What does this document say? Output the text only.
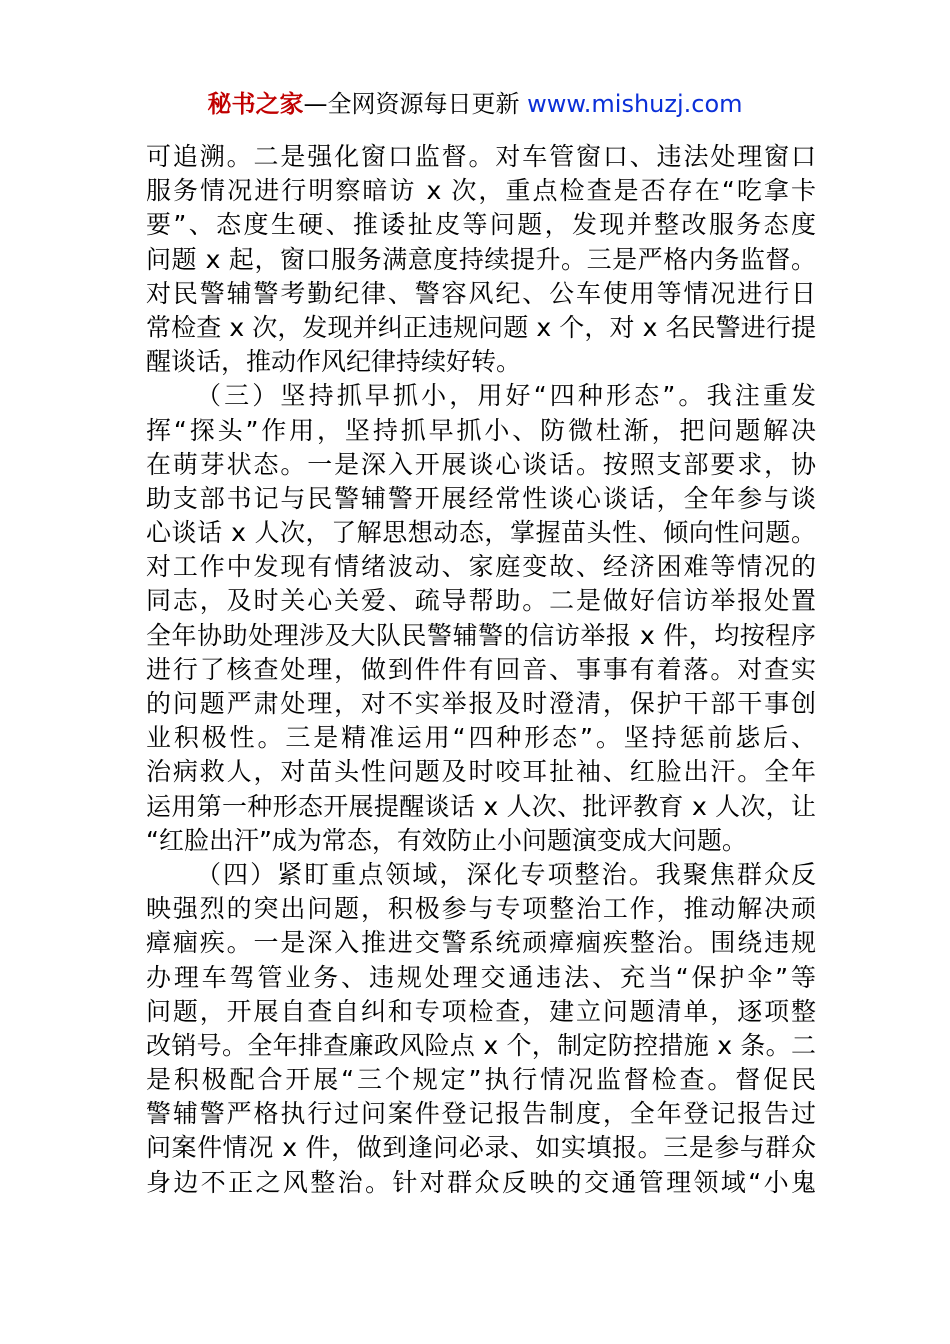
秘书之家—全网资源每日更新 www.mishuzj.com
可追溯。二是强化窗口监督。对车管窗口、违法处理窗口
服务情况进行明察暗访 x 次，重点检查是否存在“吃拿卡
要”、态度生硬、推诿扯皮等问题，发现并整改服务态度
问题 x 起，窗口服务满意度持续提升。三是严格内务监督。
对民警辅警考勤纪律、警容风纪、公车使用等情况进行日
常检查 x 次，发现并纠正违规问题 x 个，对 x 名民警进行提
醒谈话，推动作风纪律持续好转。
（三）坚持抓早抓小，用好“四种形态”。我注重发
挥“探头”作用，坚持抓早抓小、防微杜渐，把问题解决
在萌芽状态。一是深入开展谈心谈话。按照支部要求，协
助支部书记与民警辅警开展经常性谈心谈话，全年参与谈
心谈话 x 人次，了解思想动态，掌握苗头性、倾向性问题。
对工作中发现有情绪波动、家庭变故、经济困难等情况的
同志，及时关心关爱、疏导帮助。二是做好信访举报处置
全年协助处理涉及大队民警辅警的信访举报 x 件，均按程序
进行了核查处理，做到件件有回音、事事有着落。对查实
的问题严肃处理，对不实举报及时澄清，保护干部干事创
业积极性。三是精准运用“四种形态”。坚持惩前毖后、
治病救人，对苗头性问题及时咬耳扯袖、红脸出汗。全年
运用第一种形态开展提醒谈话 x 人次、批评教育 x 人次，让
“红脸出汗”成为常态，有效防止小问题演变成大问题。
（四）紧盯重点领域，深化专项整治。我聚焦群众反
映强烈的突出问题，积极参与专项整治工作，推动解决顽
瘴痼疾。一是深入推进交警系统顽瘴痼疾整治。围绕违规
办理车驾管业务、违规处理交通违法、充当“保护伞”等
问题，开展自查自纠和专项检查，建立问题清单，逐项整
改销号。全年排查廉政风险点 x 个，制定防控措施 x 条。二
是积极配合开展“三个规定”执行情况监督检查。督促民
警辅警严格执行过问案件登记报告制度，全年登记报告过
问案件情况 x 件，做到逢问必录、如实填报。三是参与群众
身边不正之风整治。针对群众反映的交通管理领域“小鬼
